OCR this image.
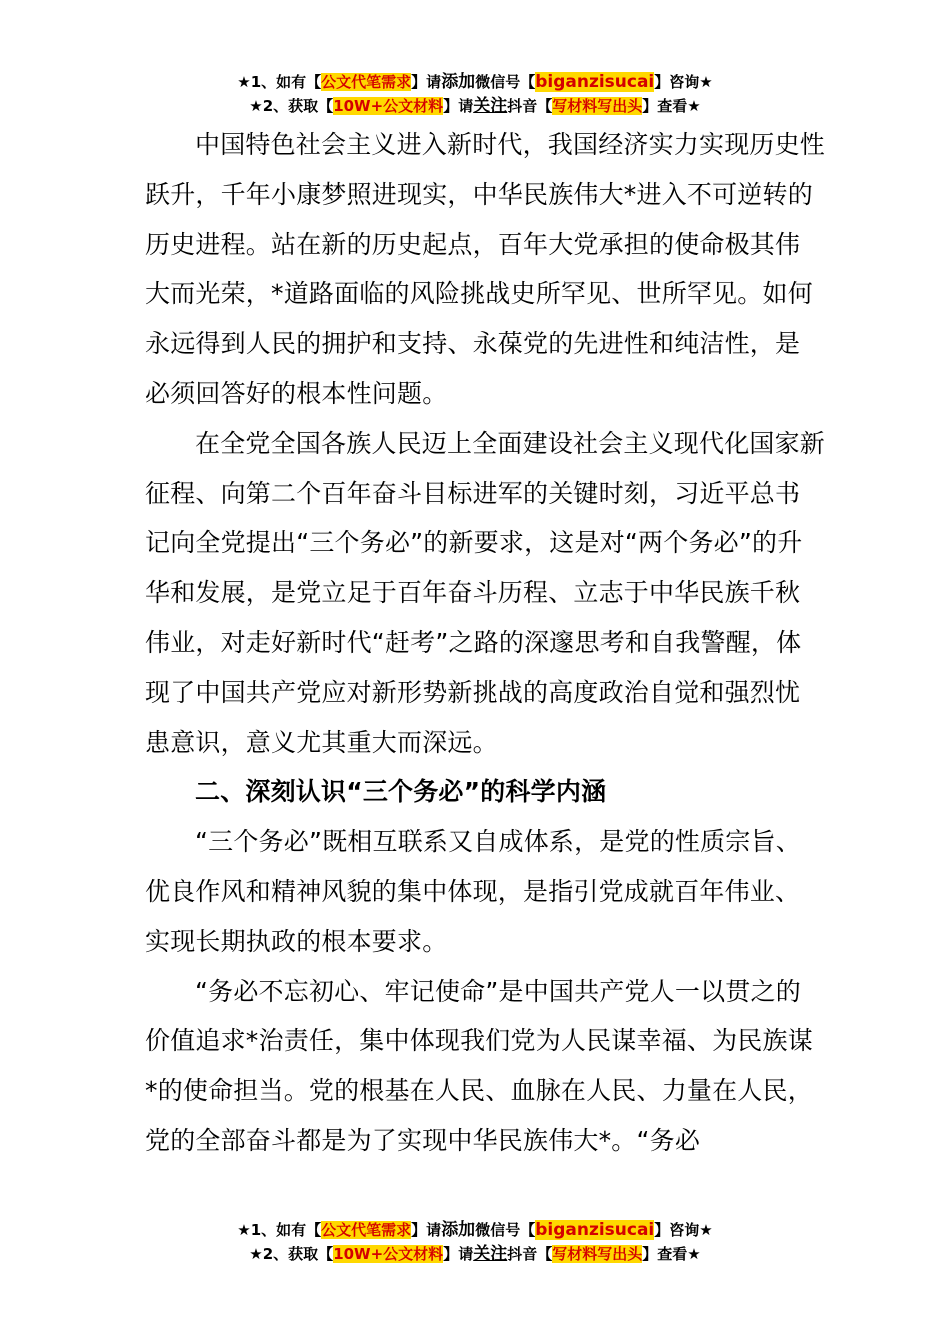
★1、如有【公文代笔需求】请添加微信号【biganzisucai】咨询★
★2、获取【10W+公文材料】请关注抖音【写材料写出头】查看★

中国特色社会主义进入新时代，我国经济实力实现历史性跃升，千年小康梦照进现实，中华民族伟大*进入不可逆转的历史进程。站在新的历史起点，百年大党承担的使命极其伟大而光荣，*道路面临的风险挑战史所罕见、世所罕见。如何永远得到人民的拥护和支持、永葆党的先进性和纯洁性，是必须回答好的根本性问题。

在全党全国各族人民迈上全面建设社会主义现代化国家新征程、向第二个百年奋斗目标进军的关键时刻，习近平总书记向全党提出“三个务必”的新要求，这是对“两个务必”的升华和发展，是党立足于百年奋斗历程、立志于中华民族千秋伟业，对走好新时代“赶考”之路的深邃思考和自我警醒，体现了中国共产党应对新形势新挑战的高度政治自觉和强烈忧患意识，意义尤其重大而深远。

二、深刻认识“三个务必”的科学内涵

“三个务必”既相互联系又自成体系，是党的性质宗旨、优良作风和精神风貌的集中体现，是指引党成就百年伟业、实现长期执政的根本要求。

“务必不忘初心、牢记使命”是中国共产党人一以贯之的价值追求*治责任，集中体现我们党为人民谋幸福、为民族谋*的使命担当。党的根基在人民、血脉在人民、力量在人民，党的全部奋斗都是为了实现中华民族伟大*。“务必

★1、如有【公文代笔需求】请添加微信号【biganzisucai】咨询★
★2、获取【10W+公文材料】请关注抖音【写材料写出头】查看★
